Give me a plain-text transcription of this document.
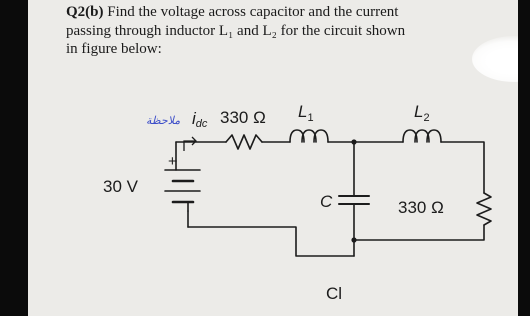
Q2(b) Find the voltage across capacitor and the current
passing through inductor L₁ and L₂ for the circuit shown
in figure below:

ملاحظة idc 330 Ω $L_1$	$L_2$
+
30 V
C	330 Ω
Cl
